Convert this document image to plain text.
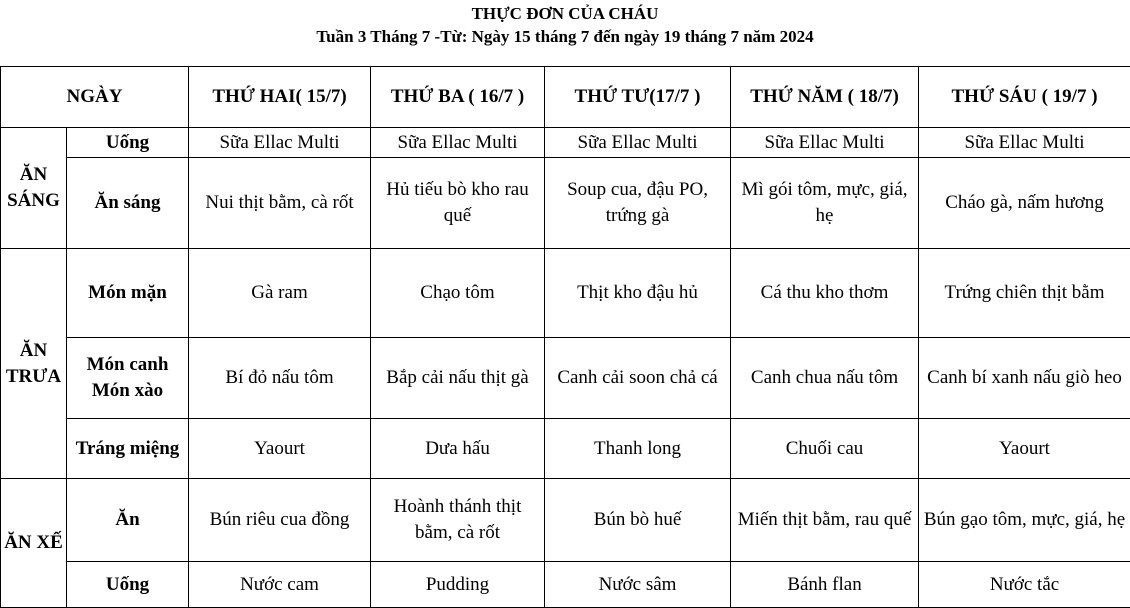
THỰC ĐƠN CỦA CHÁU
Tuần 3 Tháng 7 -Từ: Ngày 15 tháng 7 đến ngày 19 tháng 7 năm 2024
NGÀY		THỨ HAI( 15/7)	THỨ BA ( 16/7 )	THỨ TƯ(17/7 )	THỨ NĂM ( 18/7)	THỨ SÁU ( 19/7 )
ĂN SÁNG	Uống	Sữa Ellac Multi	Sữa Ellac Multi	Sữa Ellac Multi	Sữa Ellac Multi	Sữa Ellac Multi
	Ăn sáng	Nui thịt bằm, cà rốt	Hủ tiếu bò kho rau quế	Soup cua, đậu PO, trứng gà	Mì gói tôm, mực, giá, hẹ	Cháo gà, nấm hương
ĂN TRƯA	Món mặn	Gà ram	Chạo tôm	Thịt kho đậu hủ	Cá thu kho thơm	Trứng chiên thịt bằm
	Món canh Món xào	Bí đỏ nấu tôm	Bắp cải nấu thịt gà	Canh cải soon chả cá	Canh chua nấu tôm	Canh bí xanh nấu giò heo
	Tráng miệng	Yaourt	Dưa hấu	Thanh long	Chuối cau	Yaourt
ĂN XẾ	Ăn	Bún riêu cua đồng	Hoành thánh thịt bằm, cà rốt	Bún bò huế	Miến thịt bằm, rau quế	Bún gạo tôm, mực, giá, hẹ
	Uống	Nước cam	Pudding	Nước sâm	Bánh flan	Nước tắc
